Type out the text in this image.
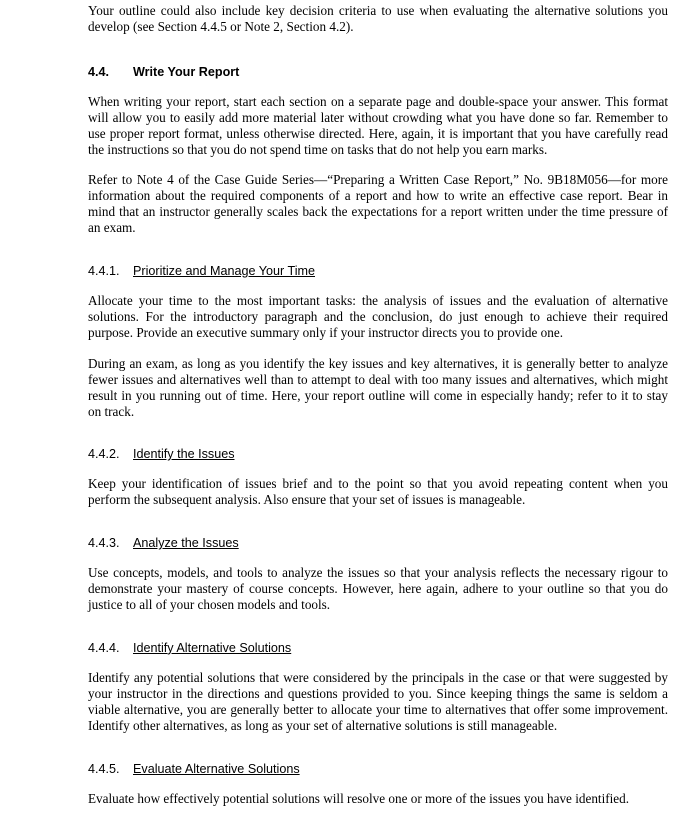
Your outline could also include key decision criteria to use when evaluating the alternative solutions you develop (see Section 4.4.5 or Note 2, Section 4.2).

4.4.	Write Your Report

When writing your report, start each section on a separate page and double-space your answer. This format will allow you to easily add more material later without crowding what you have done so far. Remember to use proper report format, unless otherwise directed. Here, again, it is important that you have carefully read the instructions so that you do not spend time on tasks that do not help you earn marks.

Refer to Note 4 of the Case Guide Series—“Preparing a Written Case Report,” No. 9B18M056—for more information about the required components of a report and how to write an effective case report. Bear in mind that an instructor generally scales back the expectations for a report written under the time pressure of an exam.

4.4.1.	Prioritize and Manage Your Time

Allocate your time to the most important tasks: the analysis of issues and the evaluation of alternative solutions. For the introductory paragraph and the conclusion, do just enough to achieve their required purpose. Provide an executive summary only if your instructor directs you to provide one.

During an exam, as long as you identify the key issues and key alternatives, it is generally better to analyze fewer issues and alternatives well than to attempt to deal with too many issues and alternatives, which might result in you running out of time. Here, your report outline will come in especially handy; refer to it to stay on track.

4.4.2.	Identify the Issues

Keep your identification of issues brief and to the point so that you avoid repeating content when you perform the subsequent analysis. Also ensure that your set of issues is manageable.

4.4.3.	Analyze the Issues

Use concepts, models, and tools to analyze the issues so that your analysis reflects the necessary rigour to demonstrate your mastery of course concepts. However, here again, adhere to your outline so that you do justice to all of your chosen models and tools.

4.4.4.	Identify Alternative Solutions

Identify any potential solutions that were considered by the principals in the case or that were suggested by your instructor in the directions and questions provided to you. Since keeping things the same is seldom a viable alternative, you are generally better to allocate your time to alternatives that offer some improvement. Identify other alternatives, as long as your set of alternative solutions is still manageable.

4.4.5.	Evaluate Alternative Solutions

Evaluate how effectively potential solutions will resolve one or more of the issues you have identified.
